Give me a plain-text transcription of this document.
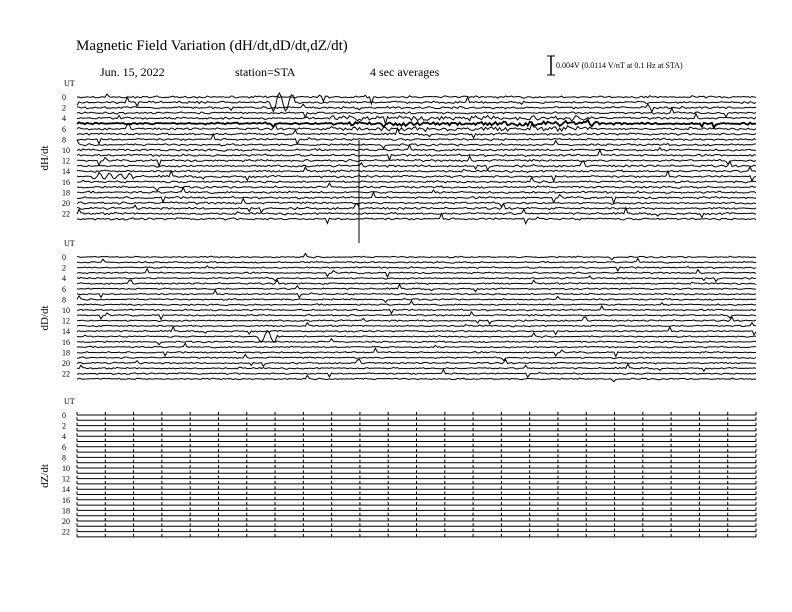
Magnetic Field Variation (dH/dt,dD/dt,dZ/dt)
Jun. 15, 2022	station=STA	4 sec averages	0.004V (0.0114 V/nT at 0.1 Hz at STA)
UT
dH/dt
0
2
4
6
8
10
12
14
16
18
20
22
UT
dD/dt
0
2
4
6
8
10
12
14
16
18
20
22
UT
dZ/dt
0
2
4
6
8
10
12
14
16
18
20
22
